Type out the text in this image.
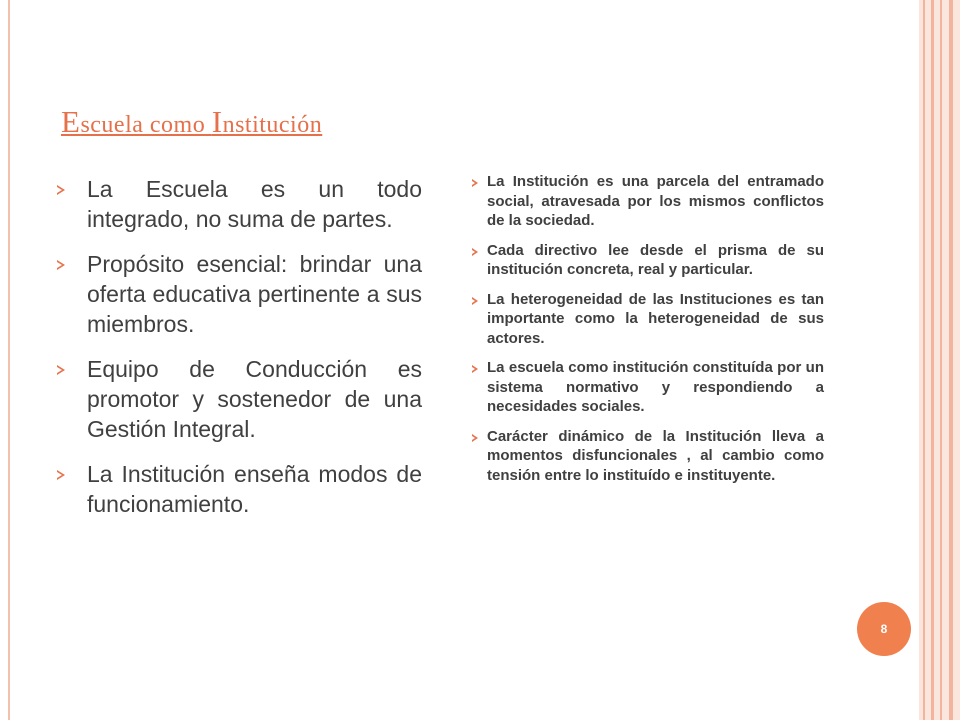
Escuela como Institución
La Escuela es un todo integrado, no suma de partes.
Propósito esencial: brindar una oferta educativa pertinente a sus miembros.
Equipo de Conducción es promotor y sostenedor de una Gestión Integral.
La Institución enseña modos de funcionamiento.
La Institución es una parcela del entramado social, atravesada por los mismos conflictos de la sociedad.
Cada directivo lee desde el prisma de su institución concreta, real y particular.
La heterogeneidad de las Instituciones es tan importante como la heterogeneidad de sus actores.
La escuela como institución constituída por un sistema normativo y respondiendo a necesidades sociales.
Carácter dinámico de la Institución lleva a momentos disfuncionales , al cambio como tensión entre lo instituído e instituyente.
8
